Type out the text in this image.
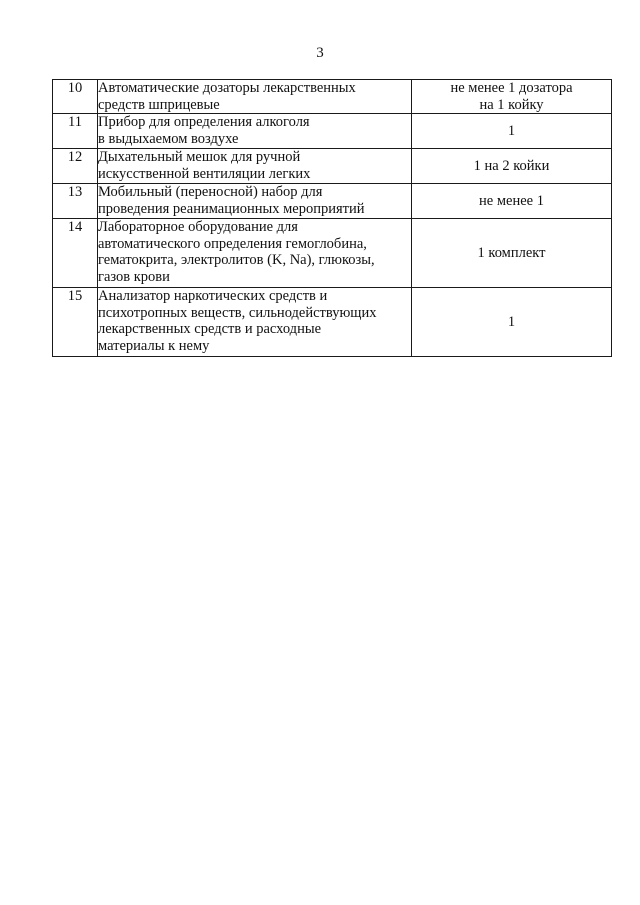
3
10	Автоматические дозаторы лекарственных
средств шприцевые	не менее 1 дозатора
на 1 койку
11	Прибор для определения алкоголя
в выдыхаемом воздухе	1
12	Дыхательный мешок для ручной
искусственной вентиляции легких	1 на 2 койки
13	Мобильный (переносной) набор для
проведения реанимационных мероприятий	не менее 1
14	Лабораторное оборудование для
автоматического определения гемоглобина,
гематокрита, электролитов (K, Na), глюкозы,
газов крови	1 комплект
15	Анализатор наркотических средств и
психотропных веществ, сильнодействующих
лекарственных средств и расходные
материалы к нему	1
